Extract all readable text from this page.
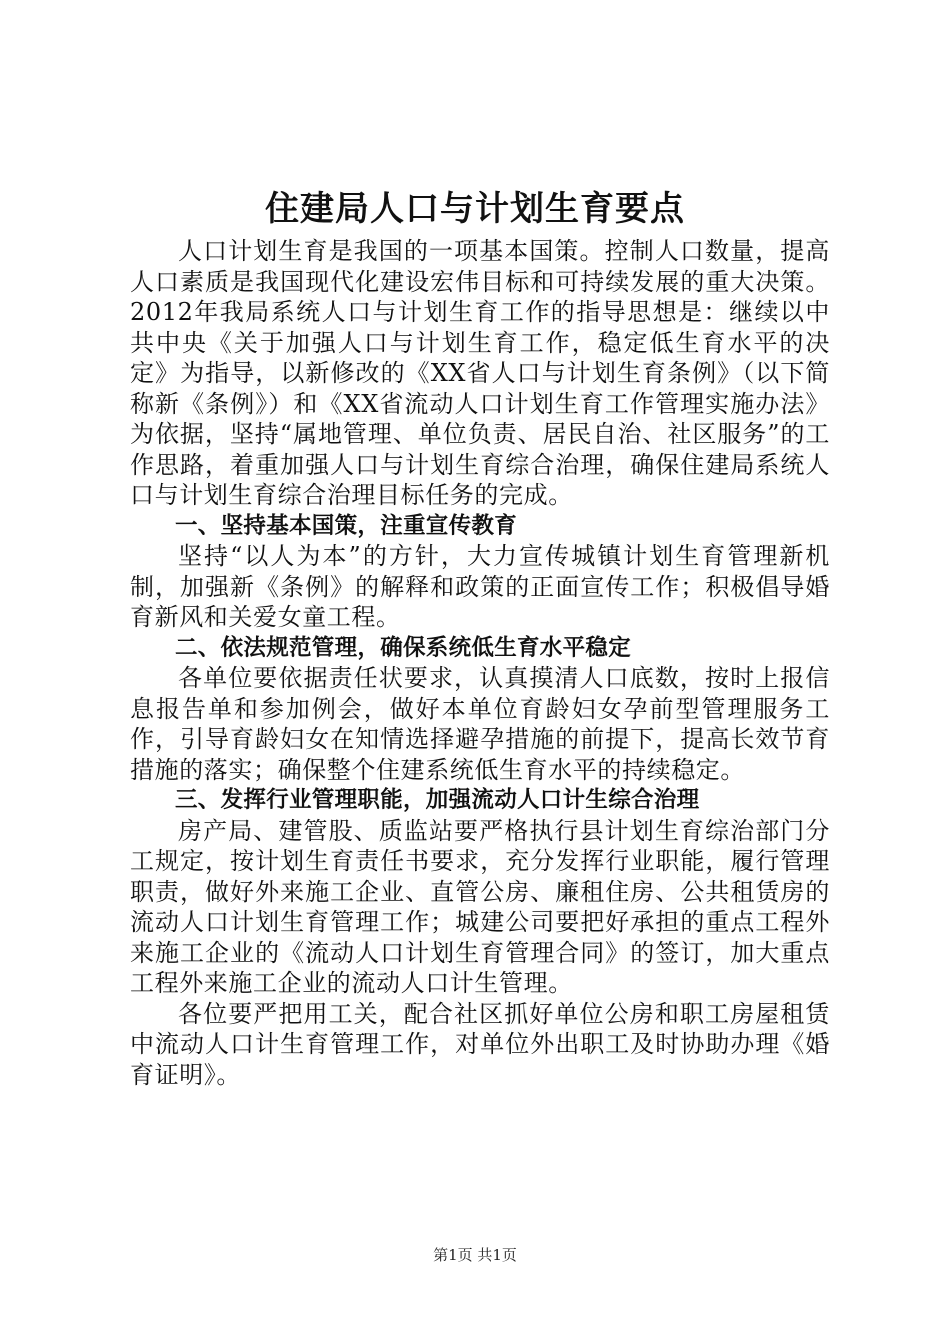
住建局人口与计划生育要点

人口计划生育是我国的一项基本国策。控制人口数量，提高人口素质是我国现代化建设宏伟目标和可持续发展的重大决策。2012年我局系统人口与计划生育工作的指导思想是：继续以中共中央《关于加强人口与计划生育工作，稳定低生育水平的决定》为指导，以新修改的《XX省人口与计划生育条例》（以下简称新《条例》）和《XX省流动人口计划生育工作管理实施办法》为依据，坚持“属地管理、单位负责、居民自治、社区服务”的工作思路，着重加强人口与计划生育综合治理，确保住建局系统人口与计划生育综合治理目标任务的完成。

一、坚持基本国策，注重宣传教育

坚持“以人为本”的方针，大力宣传城镇计划生育管理新机制，加强新《条例》的解释和政策的正面宣传工作；积极倡导婚育新风和关爱女童工程。

二、依法规范管理，确保系统低生育水平稳定

各单位要依据责任状要求，认真摸清人口底数，按时上报信息报告单和参加例会，做好本单位育龄妇女孕前型管理服务工作，引导育龄妇女在知情选择避孕措施的前提下，提高长效节育措施的落实；确保整个住建系统低生育水平的持续稳定。

三、发挥行业管理职能，加强流动人口计生综合治理

房产局、建管股、质监站要严格执行县计划生育综治部门分工规定，按计划生育责任书要求，充分发挥行业职能，履行管理职责，做好外来施工企业、直管公房、廉租住房、公共租赁房的流动人口计划生育管理工作；城建公司要把好承担的重点工程外来施工企业的《流动人口计划生育管理合同》的签订，加大重点工程外来施工企业的流动人口计生管理。

各位要严把用工关，配合社区抓好单位公房和职工房屋租赁中流动人口计生育管理工作，对单位外出职工及时协助办理《婚育证明》。

第1页 共1页
